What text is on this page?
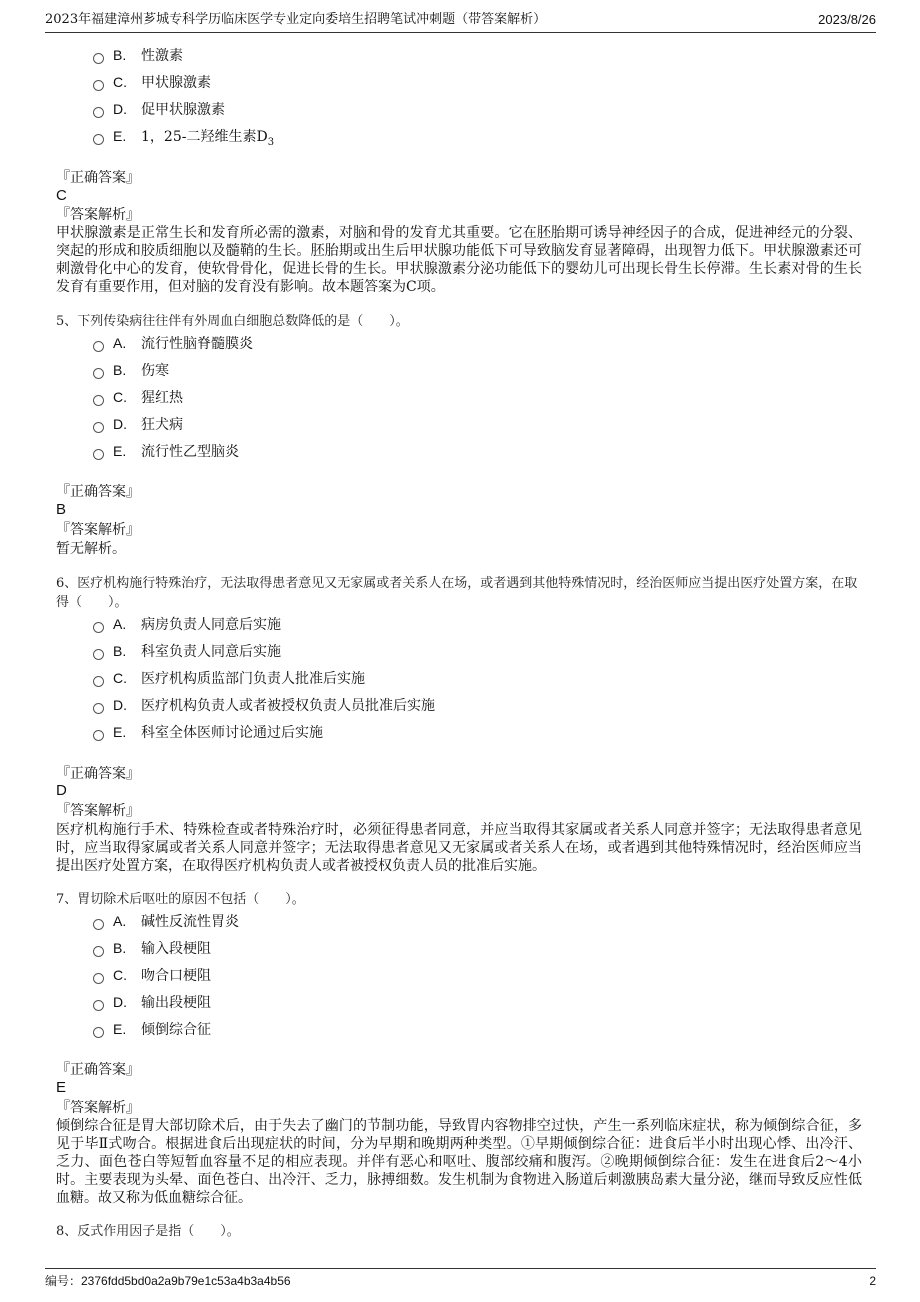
2023年福建漳州芗城专科学历临床医学专业定向委培生招聘笔试冲刺题（带答案解析）	2023/8/26
B. 性激素
C. 甲状腺激素
D. 促甲状腺激素
E. 1，25-二羟维生素$D_3$
『正确答案』
C
『答案解析』
甲状腺激素是正常生长和发育所必需的激素，对脑和骨的发育尤其重要。它在胚胎期可诱导神经因子的合成，促进神经元的分裂、突起的形成和胶质细胞以及髓鞘的生长。胚胎期或出生后甲状腺功能低下可导致脑发育显著障碍，出现智力低下。甲状腺激素还可刺激骨化中心的发育，使软骨骨化，促进长骨的生长。甲状腺激素分泌功能低下的婴幼儿可出现长骨生长停滞。生长素对骨的生长发育有重要作用，但对脑的发育没有影响。故本题答案为C项。
5、下列传染病往往伴有外周血白细胞总数降低的是（　　）。
A. 流行性脑脊髓膜炎
B. 伤寒
C. 猩红热
D. 狂犬病
E. 流行性乙型脑炎
『正确答案』
B
『答案解析』
暂无解析。
6、医疗机构施行特殊治疗，无法取得患者意见又无家属或者关系人在场，或者遇到其他特殊情况时，经治医师应当提出医疗处置方案，在取得（　　）。
A. 病房负责人同意后实施
B. 科室负责人同意后实施
C. 医疗机构质监部门负责人批准后实施
D. 医疗机构负责人或者被授权负责人员批准后实施
E. 科室全体医师讨论通过后实施
『正确答案』
D
『答案解析』
医疗机构施行手术、特殊检查或者特殊治疗时，必须征得患者同意，并应当取得其家属或者关系人同意并签字；无法取得患者意见时，应当取得家属或者关系人同意并签字；无法取得患者意见又无家属或者关系人在场，或者遇到其他特殊情况时，经治医师应当提出医疗处置方案，在取得医疗机构负责人或者被授权负责人员的批准后实施。
7、胃切除术后呕吐的原因不包括（　　）。
A. 碱性反流性胃炎
B. 输入段梗阻
C. 吻合口梗阻
D. 输出段梗阻
E. 倾倒综合征
『正确答案』
E
『答案解析』
倾倒综合征是胃大部切除术后，由于失去了幽门的节制功能，导致胃内容物排空过快，产生一系列临床症状，称为倾倒综合征，多见于毕Ⅱ式吻合。根据进食后出现症状的时间，分为早期和晚期两种类型。①早期倾倒综合征：进食后半小时出现心悸、出冷汗、乏力、面色苍白等短暂血容量不足的相应表现。并伴有恶心和呕吐、腹部绞痛和腹泻。②晚期倾倒综合征：发生在进食后2～4小时。主要表现为头晕、面色苍白、出冷汗、乏力，脉搏细数。发生机制为食物进入肠道后刺激胰岛素大量分泌，继而导致反应性低血糖。故又称为低血糖综合征。
8、反式作用因子是指（　　）。
编号：2376fdd5bd0a2a9b79e1c53a4b3a4b56	2
